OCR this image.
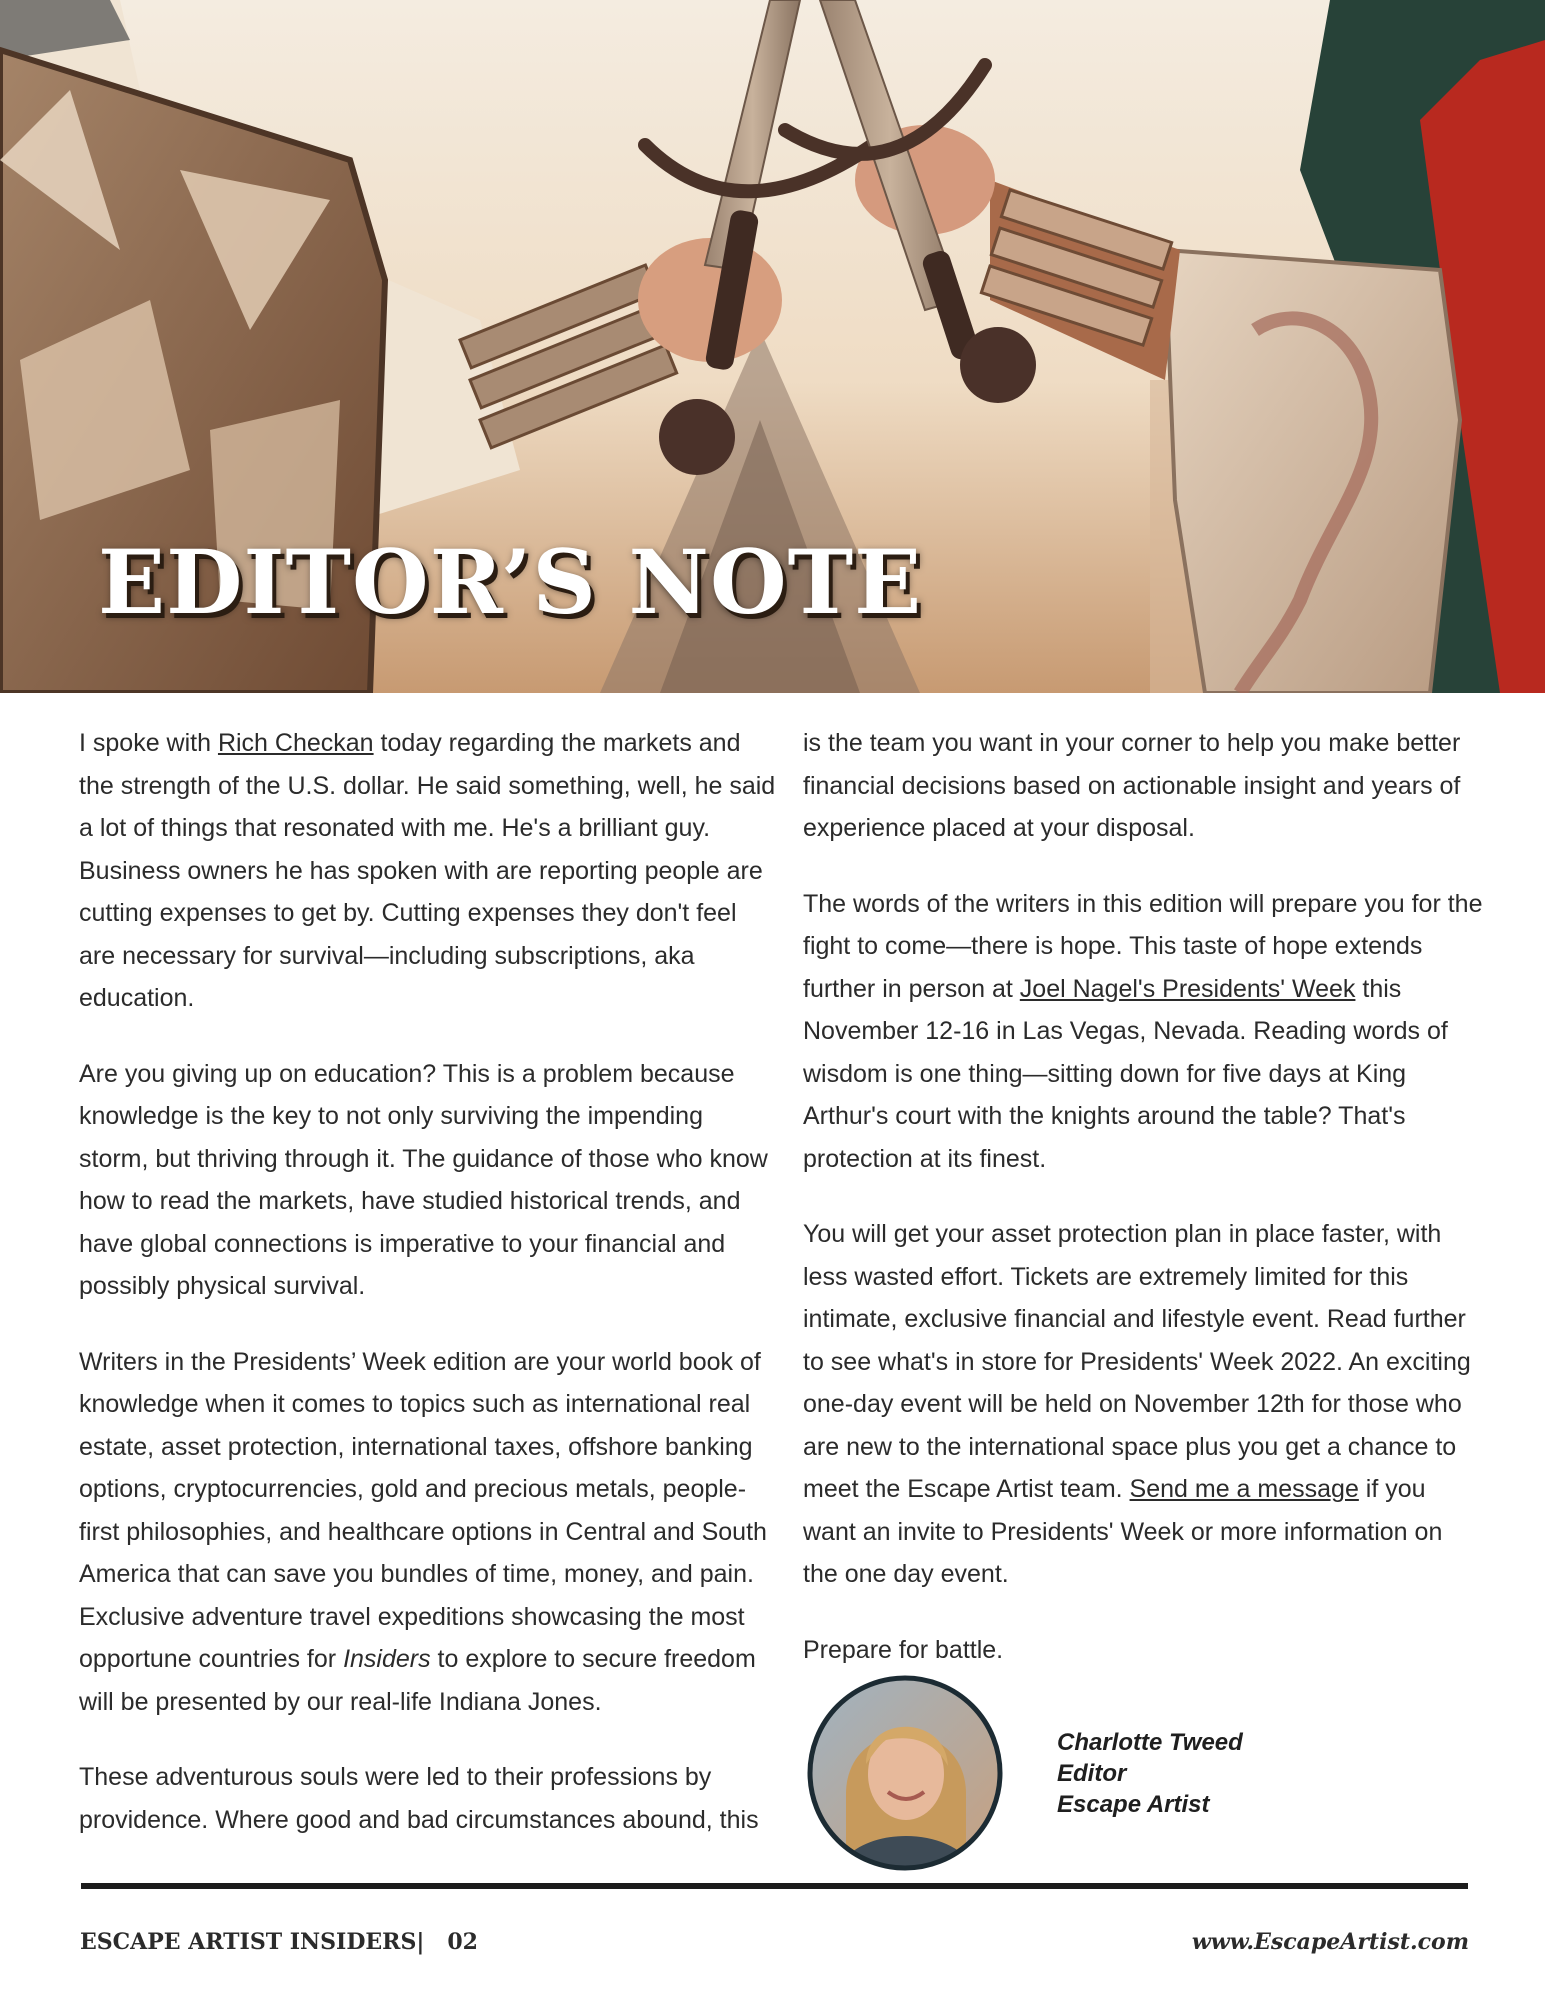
EDITOR’S NOTE

I spoke with Rich Checkan today regarding the markets and the strength of the U.S. dollar. He said something, well, he said a lot of things that resonated with me. He's a brilliant guy. Business owners he has spoken with are reporting people are cutting expenses to get by. Cutting expenses they don't feel are necessary for survival—including subscriptions, aka education.

Are you giving up on education? This is a problem because knowledge is the key to not only surviving the impending storm, but thriving through it. The guidance of those who know how to read the markets, have studied historical trends, and have global connections is imperative to your financial and possibly physical survival.

Writers in the Presidents’ Week edition are your world book of knowledge when it comes to topics such as international real estate, asset protection, international taxes, offshore banking options, cryptocurrencies, gold and precious metals, people-first philosophies, and healthcare options in Central and South America that can save you bundles of time, money, and pain. Exclusive adventure travel expeditions showcasing the most opportune countries for Insiders to explore to secure freedom will be presented by our real-life Indiana Jones.

These adventurous souls were led to their professions by providence. Where good and bad circumstances abound, this

is the team you want in your corner to help you make better financial decisions based on actionable insight and years of experience placed at your disposal.

The words of the writers in this edition will prepare you for the fight to come—there is hope. This taste of hope extends further in person at Joel Nagel's Presidents' Week this November 12-16 in Las Vegas, Nevada. Reading words of wisdom is one thing—sitting down for five days at King Arthur's court with the knights around the table? That's protection at its finest.

You will get your asset protection plan in place faster, with less wasted effort. Tickets are extremely limited for this intimate, exclusive financial and lifestyle event. Read further to see what's in store for Presidents' Week 2022. An exciting one-day event will be held on November 12th for those who are new to the international space plus you get a chance to meet the Escape Artist team. Send me a message if you want an invite to Presidents' Week or more information on the one day event.

Prepare for battle.

Charlotte Tweed
Editor
Escape Artist
ESCAPE ARTIST INSIDERS| 02	www.EscapeArtist.com
